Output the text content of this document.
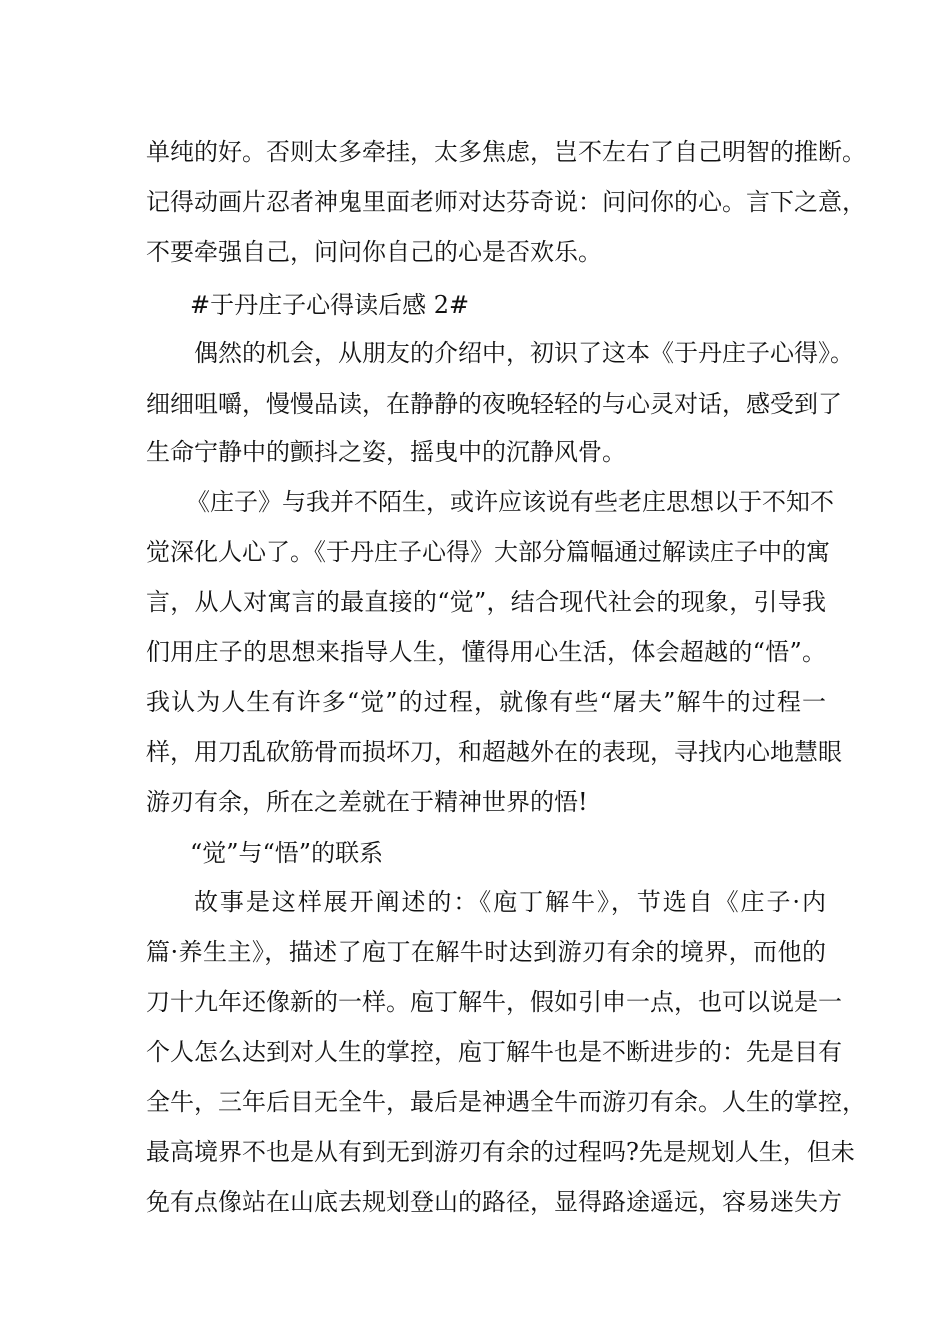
单纯的好。否则太多牵挂，太多焦虑，岂不左右了自己明智的推断。
记得动画片忍者神鬼里面老师对达芬奇说：问问你的心。言下之意，
不要牵强自己，问问你自己的心是否欢乐。
#于丹庄子心得读后感 2#
偶然的机会，从朋友的介绍中，初识了这本《于丹庄子心得》。
细细咀嚼，慢慢品读，在静静的夜晚轻轻的与心灵对话，感受到了
生命宁静中的颤抖之姿，摇曳中的沉静风骨。
《庄子》与我并不陌生，或许应该说有些老庄思想以于不知不
觉深化人心了。《于丹庄子心得》大部分篇幅通过解读庄子中的寓
言，从人对寓言的最直接的“觉”，结合现代社会的现象，引导我
们用庄子的思想来指导人生，懂得用心生活，体会超越的“悟”。
我认为人生有许多“觉”的过程，就像有些“屠夫”解牛的过程一
样，用刀乱砍筋骨而损坏刀，和超越外在的表现，寻找内心地慧眼
游刃有余，所在之差就在于精神世界的悟!
“觉”与“悟”的联系
故事是这样展开阐述的：《庖丁解牛》，节选自《庄子·内
篇·养生主》，描述了庖丁在解牛时达到游刃有余的境界，而他的
刀十九年还像新的一样。庖丁解牛，假如引申一点，也可以说是一
个人怎么达到对人生的掌控，庖丁解牛也是不断进步的：先是目有
全牛，三年后目无全牛，最后是神遇全牛而游刃有余。人生的掌控，
最高境界不也是从有到无到游刃有余的过程吗?先是规划人生，但未
免有点像站在山底去规划登山的路径，显得路途遥远，容易迷失方
